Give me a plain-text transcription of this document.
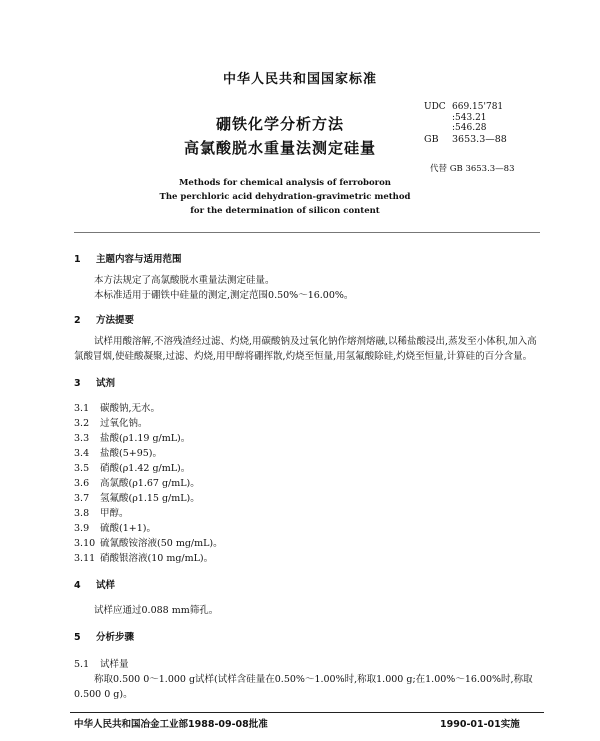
中华人民共和国国家标准
硼铁化学分析方法
高氯酸脱水重量法测定硅量
UDC 669.15'781
:543.21
:546.28
GB 3653.3—88
代替 GB 3653.3—83
Methods for chemical analysis of ferroboron
The perchloric acid dehydration-gravimetric method
for the determination of silicon content
1	主题内容与适用范围
本方法规定了高氯酸脱水重量法测定硅量。
本标准适用于硼铁中硅量的测定,测定范围0.50%～16.00%。
2	方法提要
试样用酸溶解,不溶残渣经过滤、灼烧,用碳酸钠及过氧化钠作熔剂熔融,以稀盐酸浸出,蒸发至小体积,加入高氯酸冒烟,使硅酸凝聚,过滤、灼烧,用甲醇将硼挥散,灼烧至恒量,用氢氟酸除硅,灼烧至恒量,计算硅的百分含量。
3	试剂
3.1	碳酸钠,无水。
3.2	过氧化钠。
3.3	盐酸(ρ1.19 g/mL)。
3.4	盐酸(5+95)。
3.5	硝酸(ρ1.42 g/mL)。
3.6	高氯酸(ρ1.67 g/mL)。
3.7	氢氟酸(ρ1.15 g/mL)。
3.8	甲醇。
3.9	硫酸(1+1)。
3.10 硫氰酸铵溶液(50 mg/mL)。
3.11 硝酸银溶液(10 mg/mL)。
4	试样
试样应通过0.088 mm筛孔。
5	分析步骤
5.1	试样量
称取0.500 0～1.000 g试样(试样含硅量在0.50%～1.00%时,称取1.000 g;在1.00%～16.00%时,称取0.500 0 g)。
中华人民共和国冶金工业部1988-09-08批准	1990-01-01实施
